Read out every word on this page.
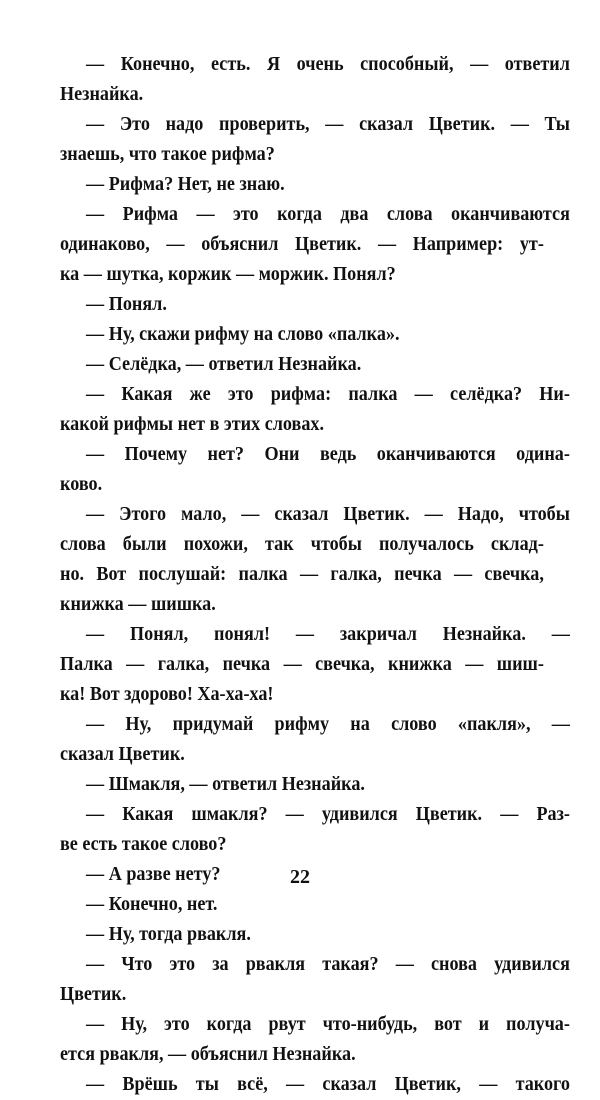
— Конечно, есть. Я очень способный, — ответил
Незнайка.
— Это надо проверить, — сказал Цветик. — Ты
знаешь, что такое рифма?
— Рифма? Нет, не знаю.
— Рифма — это когда два слова оканчиваются
одинаково, — объяснил Цветик. — Например: ут-
ка — шутка, коржик — моржик. Понял?
— Понял.
— Ну, скажи рифму на слово «палка».
— Селёдка, — ответил Незнайка.
— Какая же это рифма: палка — селёдка? Ни-
какой рифмы нет в этих словах.
— Почему нет? Они ведь оканчиваются одина-
ково.
— Этого мало, — сказал Цветик. — Надо, чтобы
слова были похожи, так чтобы получалось склад-
но. Вот послушай: палка — галка, печка — свечка,
книжка — шишка.
— Понял, понял! — закричал Незнайка. —
Палка — галка, печка — свечка, книжка — шиш-
ка! Вот здорово! Ха-ха-ха!
— Ну, придумай рифму на слово «пакля», —
сказал Цветик.
— Шмакля, — ответил Незнайка.
— Какая шмакля? — удивился Цветик. — Раз-
ве есть такое слово?
— А разве нету?
— Конечно, нет.
— Ну, тогда рвакля.
— Что это за рвакля такая? — снова удивился
Цветик.
— Ну, это когда рвут что-нибудь, вот и получа-
ется рвакля, — объяснил Незнайка.
— Врёшь ты всё, — сказал Цветик, — такого
22
